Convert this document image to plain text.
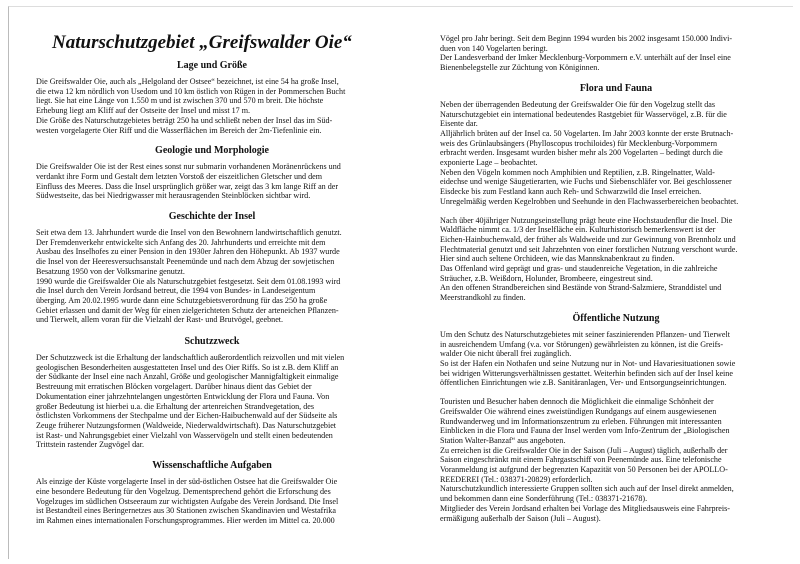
Naturschutzgebiet „Greifswalder Oie“
Lage und Größe
Die Greifswalder Oie, auch als „Helgoland der Ostsee“ bezeichnet, ist eine 54 ha große Insel,
die etwa 12 km nördlich von Usedom und 10 km östlich von Rügen in der Pommerschen Bucht
liegt. Sie hat eine Länge von 1.550 m und ist zwischen 370 und 570 m breit. Die höchste
Erhebung liegt am Kliff auf der Ostseite der Insel und misst 17 m.
Die Größe des Naturschutzgebietes beträgt 250 ha und schließt neben der Insel das im Süd-
westen vorgelagerte Oier Riff und die Wasserflächen im Bereich der 2m-Tiefenlinie ein.
Geologie und Morphologie
Die Greifswalder Oie ist der Rest eines sonst nur submarin vorhandenen Moränenrückens und
verdankt ihre Form und Gestalt dem letzten Vorstoß der eiszeitlichen Gletscher und dem
Einfluss des Meeres. Dass die Insel ursprünglich größer war, zeigt das 3 km lange Riff an der
Südwestseite, das bei Niedrigwasser mit herausragenden Steinblöcken sichtbar wird.
Geschichte der Insel
Seit etwa dem 13. Jahrhundert wurde die Insel von den Bewohnern landwirtschaftlich genutzt.
Der Fremdenverkehr entwickelte sich Anfang des 20. Jahrhunderts und erreichte mit dem
Ausbau des Inselhofes zu einer Pension in den 1930er Jahren den Höhepunkt. Ab 1937 wurde
die Insel von der Heeresversuchsanstalt Peenemünde und nach dem Abzug der sowjetischen
Besatzung 1950 von der Volksmarine genutzt.
1990 wurde die Greifswalder Oie als Naturschutzgebiet festgesetzt. Seit dem 01.08.1993 wird
die Insel durch den Verein Jordsand betreut, die 1994 von Bundes- in Landeseigentum
überging. Am 20.02.1995 wurde dann eine Schutzgebietsverordnung für das 250 ha große
Gebiet erlassen und damit der Weg für einen zielgerichteten Schutz der arteneichen Pflanzen-
und Tierwelt, allem voran für die Vielzahl der Rast- und Brutvögel, geebnet.
Schutzzweck
Der Schutzzweck ist die Erhaltung der landschaftlich außerordentlich reizvollen und mit vielen
geologischen Besonderheiten ausgestatteten Insel und des Oier Riffs. So ist z.B. dem Kliff an
der Südkante der Insel eine nach Anzahl, Größe und geologischer Mannigfaltigkeit einmalige
Bestreuung mit erratischen Blöcken vorgelagert. Darüber hinaus dient das Gebiet der
Dokumentation einer jahrzehntelangen ungestörten Entwicklung der Flora und Fauna. Von
großer Bedeutung ist hierbei u.a. die Erhaltung der artenreichen Strandvegetation, des
östlichsten Vorkommens der Stechpalme und der Eichen-Haibuchenwald auf der Südseite als
Zeuge früherer Nutzungsformen (Waldweide, Niederwaldwirtschaft). Das Naturschutzgebiet
ist Rast- und Nahrungsgebiet einer Vielzahl von Wasservögeln und stellt einen bedeutenden
Trittstein rastender Zugvögel dar.
Wissenschaftliche Aufgaben
Als einzige der Küste vorgelagerte Insel in der süd-östlichen Ostsee hat die Greifswalder Oie
eine besondere Bedeutung für den Vogelzug. Dementsprechend gehört die Erforschung des
Vogelzuges im südlichen Ostseeraum zur wichtigsten Aufgabe des Verein Jordsand. Die Insel
ist Bestandteil eines Beringernetzes aus 30 Stationen zwischen Skandinavien und Westafrika
im Rahmen eines internationalen Forschungsprogrammes. Hier werden im Mittel ca. 20.000
Vögel pro Jahr beringt. Seit dem Beginn 1994 wurden bis 2002 insgesamt 150.000 Indivi-
duen von 140 Vogelarten beringt.
Der Landesverband der Imker Mecklenburg-Vorpommern e.V. unterhält auf der Insel eine
Bienenbelegstelle zur Züchtung von Königinnen.
Flora und Fauna
Neben der überragenden Bedeutung der Greifswalder Oie für den Vogelzug stellt das
Naturschutzgebiet ein international bedeutendes Rastgebiet für Wasservögel, z.B. für die
Eisente dar.
Alljährlich brüten auf der Insel ca. 50 Vogelarten. Im Jahr 2003 konnte der erste Brutnach-
weis des Grünlaubsängers (Phylloscopus trochiloides) für Mecklenburg-Vorpommern
erbracht werden. Insgesamt wurden bisher mehr als 200 Vogelarten – bedingt durch die
exponierte Lage – beobachtet.
Neben den Vögeln kommen noch Amphibien und Reptilien, z.B. Ringelnatter, Wald-
eidechse und wenige Säugetierarten, wie Fuchs und Siebenschläfer vor. Bei geschlossener
Eisdecke bis zum Festland kann auch Reh- und Schwarzwild die Insel erreichen.
Unregelmäßig werden Kegelrobben und Seehunde in den Flachwasserbereichen beobachtet.
Nach über 40jähriger Nutzungseinstellung prägt heute eine Hochstaudenflur die Insel. Die
Waldfläche nimmt ca. 1/3 der Inselfläche ein. Kulturhistorisch bemerkenswert ist der
Eichen-Hainbuchenwald, der früher als Waldweide und zur Gewinnung von Brennholz und
Flechtmaterial genutzt und seit Jahrzehnten von einer forstlichen Nutzung verschont wurde.
Hier sind auch seltene Orchideen, wie das Mannsknabenkraut zu finden.
Das Offenland wird geprägt und gras- und staudenreiche Vegetation, in die zahlreiche
Sträucher, z.B. Weißdorn, Holunder, Brombeere, eingestreut sind.
An den offenen Strandbereichen sind Bestände von Strand-Salzmiere, Stranddistel und
Meerstrandkohl zu finden.
Öffentliche Nutzung
Um den Schutz des Naturschutzgebietes mit seiner faszinierenden Pflanzen- und Tierwelt
in ausreichendem Umfang (v.a. vor Störungen) gewährleisten zu können, ist die Greifs-
walder Oie nicht überall frei zugänglich.
So ist der Hafen ein Nothafen und seine Nutzung nur in Not- und Havariesituationen sowie
bei widrigen Witterungsverhältnissen gestattet. Weiterhin befinden sich auf der Insel keine
öffentlichen Einrichtungen wie z.B. Sanitäranlagen, Ver- und Entsorgungseinrichtungen.
Touristen und Besucher haben dennoch die Möglichkeit die einmalige Schönheit der
Greifswalder Oie während eines zweistündigen Rundgangs auf einem ausgewiesenen
Rundwanderweg und im Informationszentrum zu erleben. Führungen mit interessanten
Einblicken in die Flora und Fauna der Insel werden vom Info-Zentrum der „Biologischen
Station Walter-Banzaf“ aus angeboten.
Zu erreichen ist die Greifswalder Oie in der Saison (Juli – August) täglich, außerhalb der
Saison eingeschränkt mit einem Fahrgastschiff von Peenemünde aus. Eine telefonische
Voranmeldung ist aufgrund der begrenzten Kapazität von 50 Personen bei der APOLLO-
REEDEREI (Tel.: 038371-20829) erforderlich.
Naturschutzkundlich interessierte Gruppen sollten sich auch auf der Insel direkt anmelden,
und bekommen dann eine Sonderführung (Tel.: 038371-21678).
Mitglieder des Verein Jordsand erhalten bei Vorlage des Mitgliedsausweis eine Fahrpreis-
ermäßigung außerhalb der Saison (Juli – August).
